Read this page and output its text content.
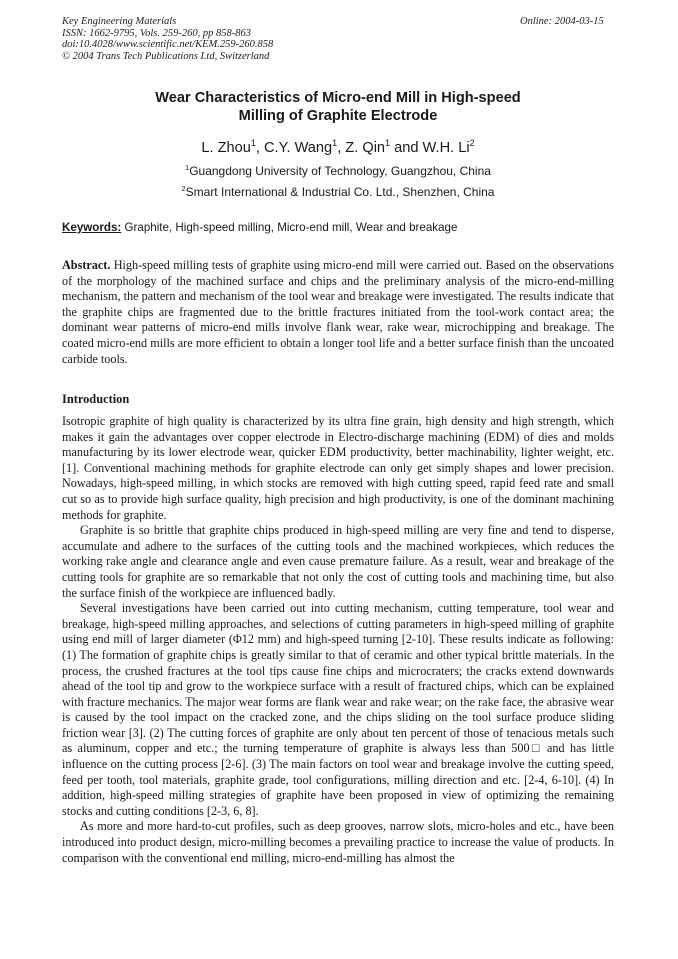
Key Engineering Materials
ISSN: 1662-9795, Vols. 259-260, pp 858-863
doi:10.4028/www.scientific.net/KEM.259-260.858
© 2004 Trans Tech Publications Ltd, Switzerland
Online: 2004-03-15
Wear Characteristics of Micro-end Mill in High-speed
Milling of Graphite Electrode
L. Zhou$^1$, C.Y. Wang$^1$, Z. Qin$^1$ and W.H. Li$^2$
$^1$Guangdong University of Technology, Guangzhou, China
$^2$Smart International & Industrial Co. Ltd., Shenzhen, China
Keywords: Graphite, High-speed milling, Micro-end mill, Wear and breakage
Abstract. High-speed milling tests of graphite using micro-end mill were carried out. Based on the observations of the morphology of the machined surface and chips and the preliminary analysis of the micro-end-milling mechanism, the pattern and mechanism of the tool wear and breakage were investigated. The results indicate that the graphite chips are fragmented due to the brittle fractures initiated from the tool-work contact area; the dominant wear patterns of micro-end mills involve flank wear, rake wear, microchipping and breakage. The coated micro-end mills are more efficient to obtain a longer tool life and a better surface finish than the uncoated carbide tools.
Introduction

Isotropic graphite of high quality is characterized by its ultra fine grain, high density and high strength, which makes it gain the advantages over copper electrode in Electro-discharge machining (EDM) of dies and molds manufacturing by its lower electrode wear, quicker EDM productivity, better machinability, lighter weight, etc. [1]. Conventional machining methods for graphite electrode can only get simply shapes and lower precision. Nowadays, high-speed milling, in which stocks are removed with high cutting speed, rapid feed rate and small cut so as to provide high surface quality, high precision and high productivity, is one of the dominant machining methods for graphite.

Graphite is so brittle that graphite chips produced in high-speed milling are very fine and tend to disperse, accumulate and adhere to the surfaces of the cutting tools and the machined workpieces, which reduces the working rake angle and clearance angle and even cause premature failure. As a result, wear and breakage of the cutting tools for graphite are so remarkable that not only the cost of cutting tools and machining time, but also the surface finish of the workpiece are influenced badly.

Several investigations have been carried out into cutting mechanism, cutting temperature, tool wear and breakage, high-speed milling approaches, and selections of cutting parameters in high-speed milling of graphite using end mill of larger diameter (Φ12 mm) and high-speed turning [2-10]. These results indicate as following: (1) The formation of graphite chips is greatly similar to that of ceramic and other typical brittle materials. In the process, the crushed fractures at the tool tips cause fine chips and microcraters; the cracks extend downwards ahead of the tool tip and grow to the workpiece surface with a result of fractured chips, which can be explained with fracture mechanics. The major wear forms are flank wear and rake wear; on the rake face, the abrasive wear is caused by the tool impact on the cracked zone, and the chips sliding on the tool surface produce sliding friction wear [3]. (2) The cutting forces of graphite are only about ten percent of those of tenacious metals such as aluminum, copper and etc.; the turning temperature of graphite is always less than 500□ and has little influence on the cutting process [2-6]. (3) The main factors on tool wear and breakage involve the cutting speed, feed per tooth, tool materials, graphite grade, tool configurations, milling direction and etc. [2-4, 6-10]. (4) In addition, high-speed milling strategies of graphite have been proposed in view of optimizing the remaining stocks and cutting conditions [2-3, 6, 8].

As more and more hard-to-cut profiles, such as deep grooves, narrow slots, micro-holes and etc., have been introduced into product design, micro-milling becomes a prevailing practice to increase the value of products. In comparison with the conventional end milling, micro-end-milling has almost the
